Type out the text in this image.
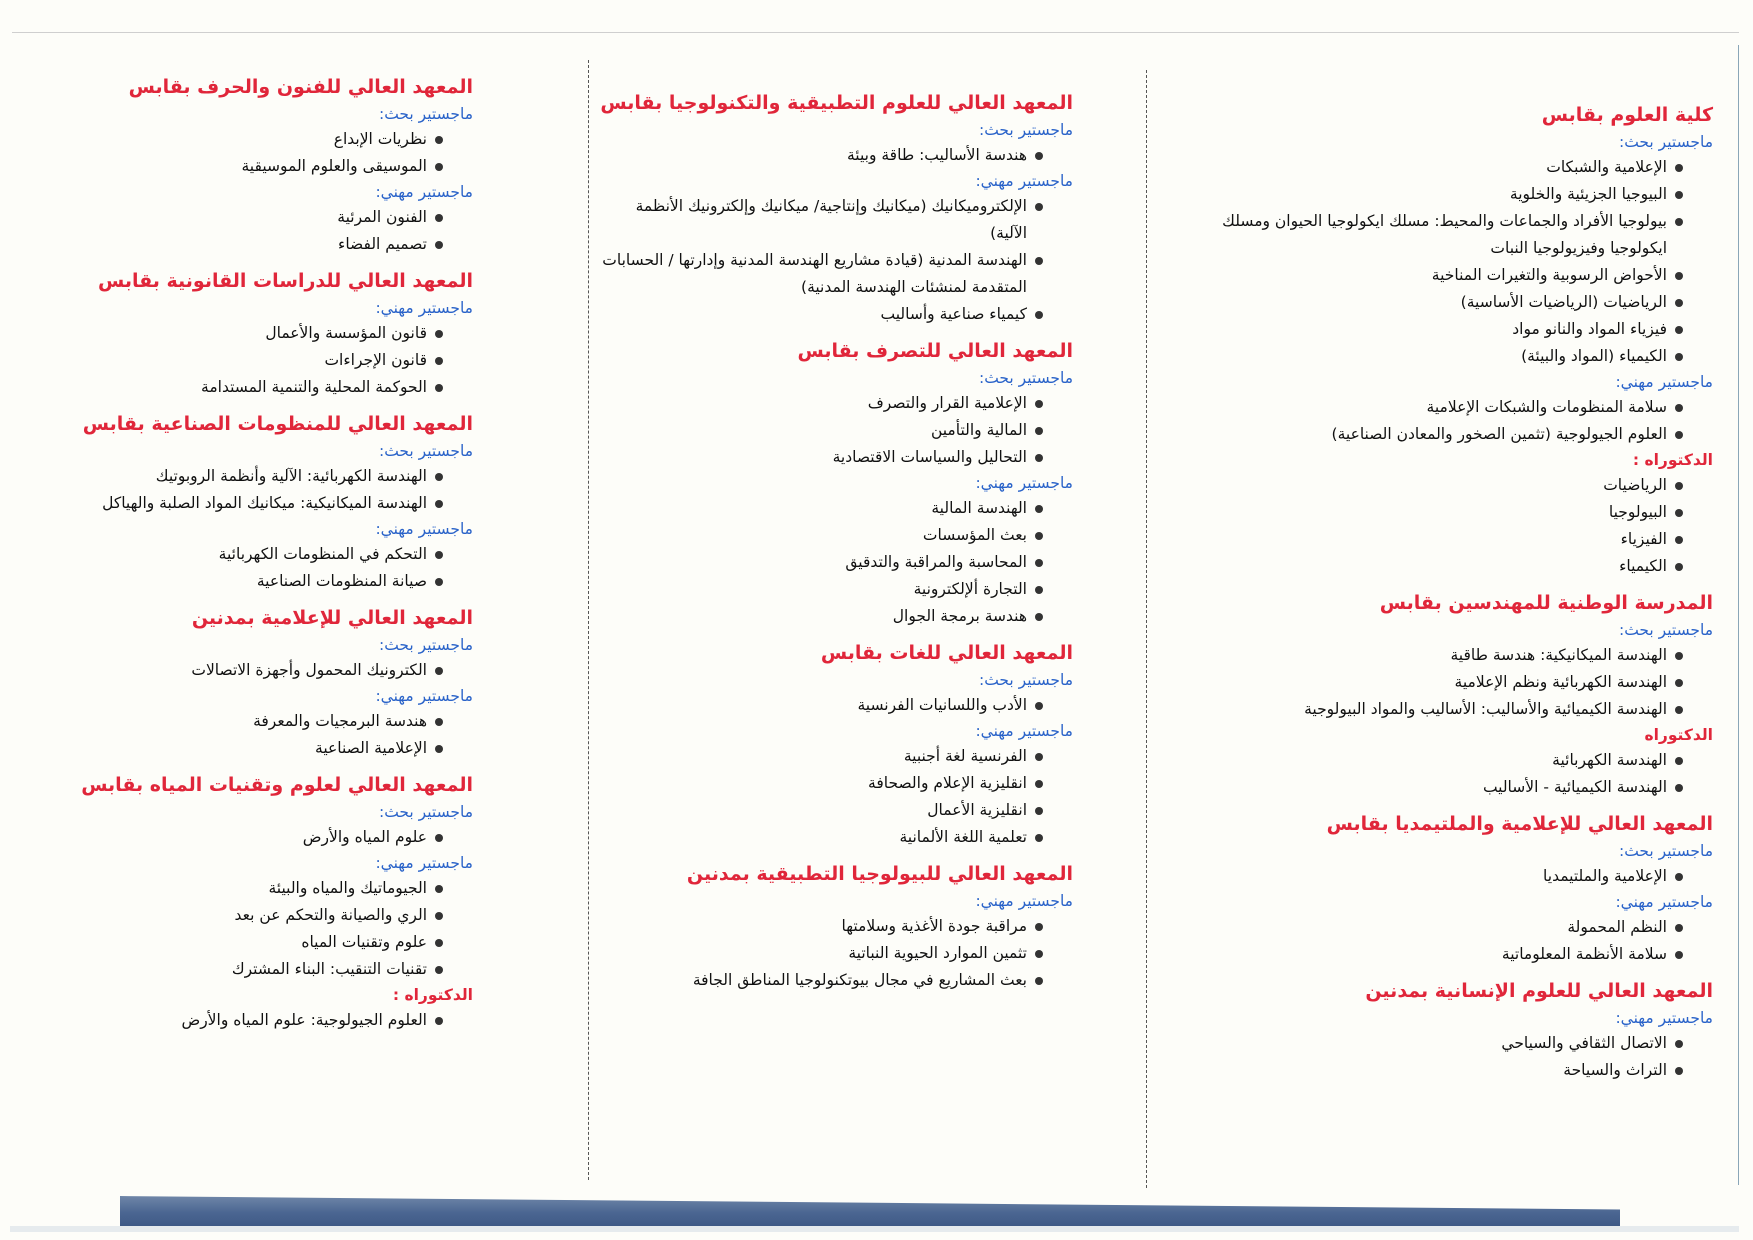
كلية العلوم بقابس
ماجستير بحث:
الإعلامية والشبكات
البيوجيا الجزيئية والخلوية
بيولوجيا الأفراد والجماعات والمحيط: مسلك ايكولوجيا الحيوان ومسلك ايكولوجيا وفيزيولوجيا النبات
الأحواض الرسوبية والتغيرات المناخية
الرياضيات (الرياضيات الأساسية)
فيزياء المواد والنانو مواد
الكيمياء (المواد والبيئة)
ماجستير مهني:
سلامة المنظومات والشبكات الإعلامية
العلوم الجيولوجية (تثمين الصخور والمعادن الصناعية)
الدكتوراه :
الرياضيات
البيولوجيا
الفيزياء
الكيمياء
المدرسة الوطنية للمهندسين بقابس
ماجستير بحث:
الهندسة الميكانيكية: هندسة طاقية
الهندسة الكهربائية ونظم الإعلامية
الهندسة الكيميائية والأساليب: الأساليب والمواد البيولوجية
الدكتوراه
الهندسة الكهربائية
الهندسة الكيميائية - الأساليب
المعهد العالي للإعلامية والملتيمديا بقابس
ماجستير بحث:
الإعلامية والملتيمديا
ماجستير مهني:
النظم المحمولة
سلامة الأنظمة المعلوماتية
المعهد العالي للعلوم الإنسانية بمدنين
ماجستير مهني:
الاتصال الثقافي والسياحي
التراث والسياحة
المعهد العالي للعلوم التطبيقية والتكنولوجيا بقابس
ماجستير بحث:
هندسة الأساليب: طاقة وبيئة
ماجستير مهني:
الإلكتروميكانيك (ميكانيك وإنتاجية/ ميكانيك وإلكترونيك الأنظمة الآلية)
الهندسة المدنية (قيادة مشاريع الهندسة المدنية وإدارتها / الحسابات المتقدمة لمنشئات الهندسة المدنية)
كيمياء صناعية وأساليب
المعهد العالي للتصرف بقابس
ماجستير بحث:
الإعلامية القرار والتصرف
المالية والتأمين
التحاليل والسياسات الاقتصادية
ماجستير مهني:
الهندسة المالية
بعث المؤسسات
المحاسبة والمراقبة والتدقيق
التجارة ألإلكترونية
هندسة برمجة الجوال
المعهد العالي للغات بقابس
ماجستير بحث:
الأدب واللسانيات الفرنسية
ماجستير مهني:
الفرنسية لغة أجنبية
انقليزية الإعلام والصحافة
انقليزية الأعمال
تعلمية اللغة الألمانية
المعهد العالي للبيولوجيا التطبيقية بمدنين
ماجستير مهني:
مراقبة جودة الأغذية وسلامتها
تثمين الموارد الحيوية النباتية
بعث المشاريع في مجال بيوتكنولوجيا المناطق الجافة
المعهد العالي للفنون والحرف بقابس
ماجستير بحث:
نظريات الإبداع
الموسيقى والعلوم الموسيقية
ماجستير مهني:
الفنون المرئية
تصميم الفضاء
المعهد العالي للدراسات القانونية بقابس
ماجستير مهني:
قانون المؤسسة والأعمال
قانون الإجراءات
الحوكمة المحلية والتنمية المستدامة
المعهد العالي للمنظومات الصناعية بقابس
ماجستير بحث:
الهندسة الكهربائية: الآلية وأنظمة الروبوتيك
الهندسة الميكانيكية: ميكانيك المواد الصلبة والهياكل
ماجستير مهني:
التحكم في المنظومات الكهربائية
صيانة المنظومات الصناعية
المعهد العالي للإعلامية بمدنين
ماجستير بحث:
الكترونيك المحمول وأجهزة الاتصالات
ماجستير مهني:
هندسة البرمجيات والمعرفة
الإعلامية الصناعية
المعهد العالي لعلوم وتقنيات المياه بقابس
ماجستير بحث:
علوم المياه والأرض
ماجستير مهني:
الجيوماتيك والمياه والبيئة
الري والصيانة والتحكم عن بعد
علوم وتقنيات المياه
تقنيات التنقيب: البناء المشترك
الدكتوراه :
العلوم الجيولوجية: علوم المياه والأرض
